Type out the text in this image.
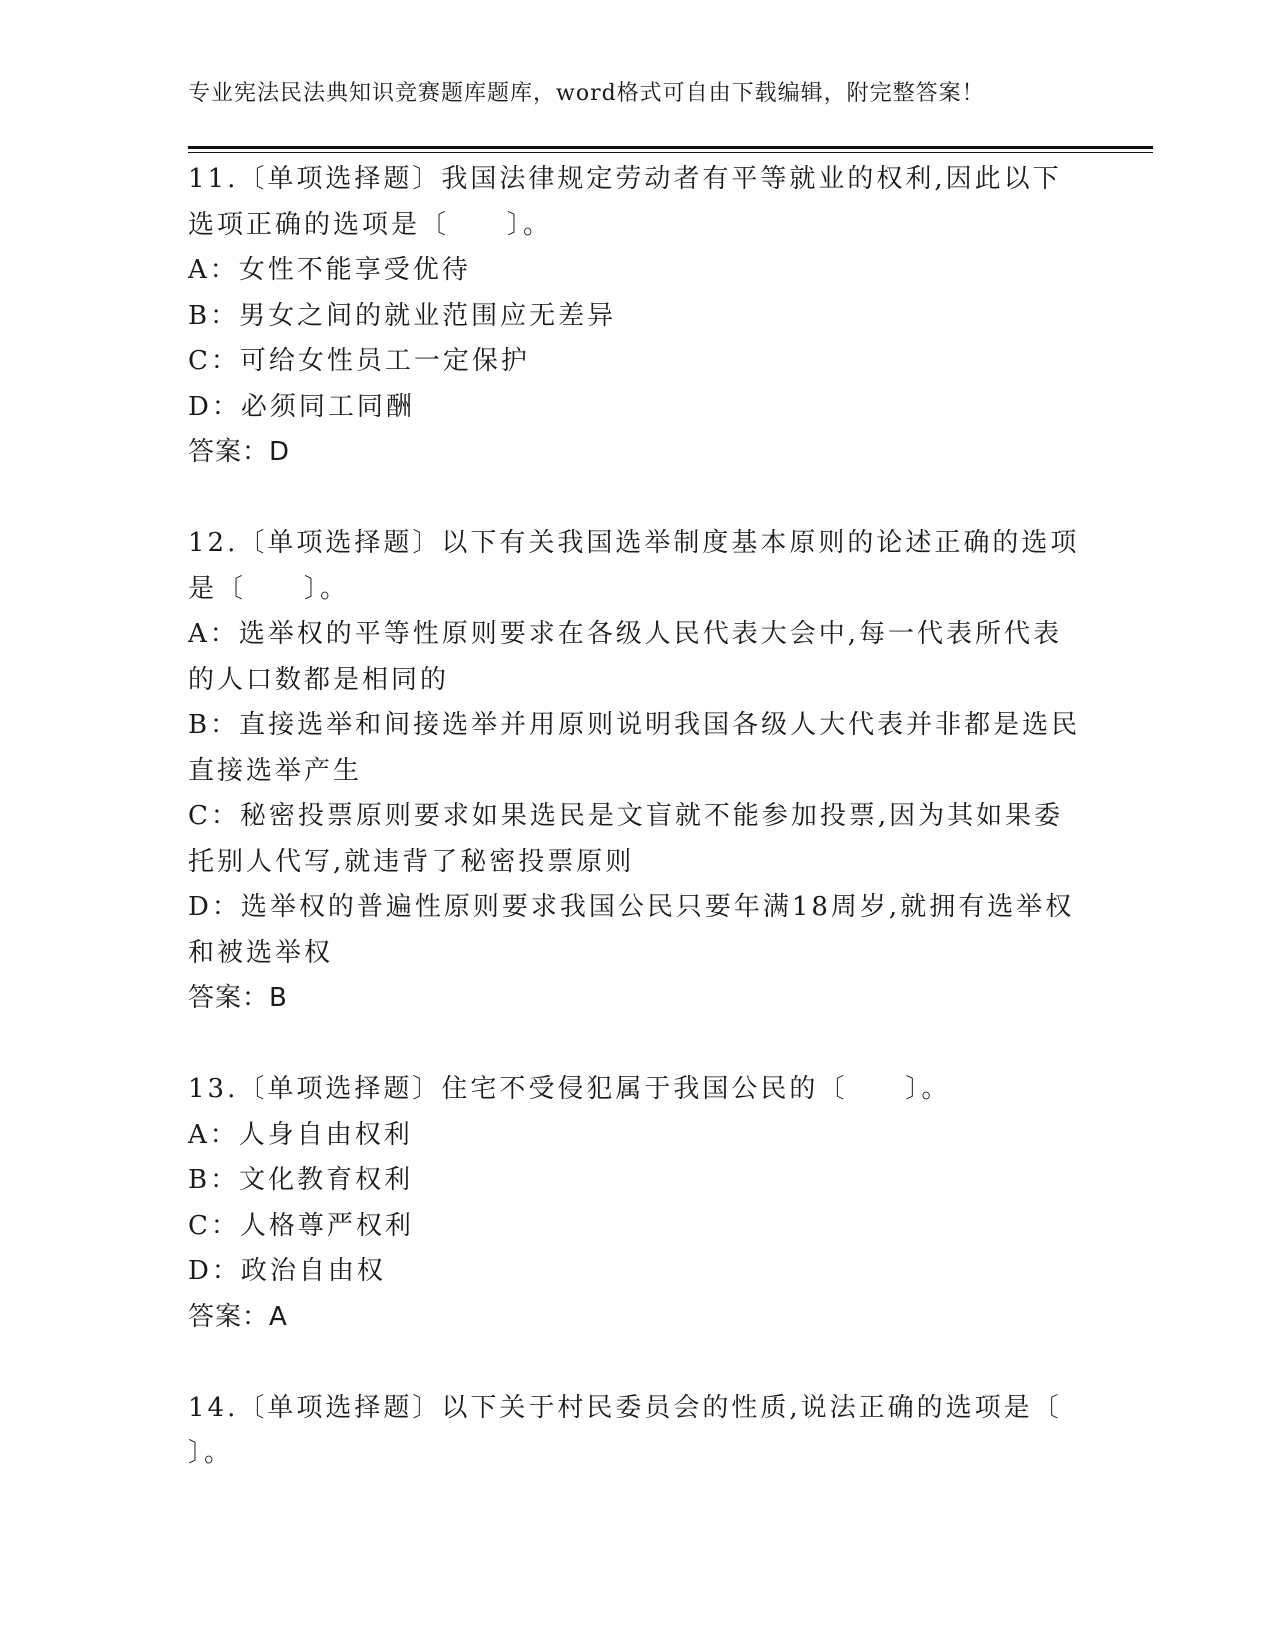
专业宪法民法典知识竞赛题库题库，word格式可自由下载编辑，附完整答案！
11.〔单项选择题〕我国法律规定劳动者有平等就业的权利,因此以下
选项正确的选项是〔　　〕。
A：女性不能享受优待
B：男女之间的就业范围应无差异
C：可给女性员工一定保护
D：必须同工同酬
答案：D
12.〔单项选择题〕以下有关我国选举制度基本原则的论述正确的选项
是〔　　〕。
A：选举权的平等性原则要求在各级人民代表大会中,每一代表所代表
的人口数都是相同的
B：直接选举和间接选举并用原则说明我国各级人大代表并非都是选民
直接选举产生
C：秘密投票原则要求如果选民是文盲就不能参加投票,因为其如果委
托别人代写,就违背了秘密投票原则
D：选举权的普遍性原则要求我国公民只要年满18周岁,就拥有选举权
和被选举权
答案：B
13.〔单项选择题〕住宅不受侵犯属于我国公民的〔　　〕。
A：人身自由权利
B：文化教育权利
C：人格尊严权利
D：政治自由权
答案：A
14.〔单项选择题〕以下关于村民委员会的性质,说法正确的选项是〔
〕。
